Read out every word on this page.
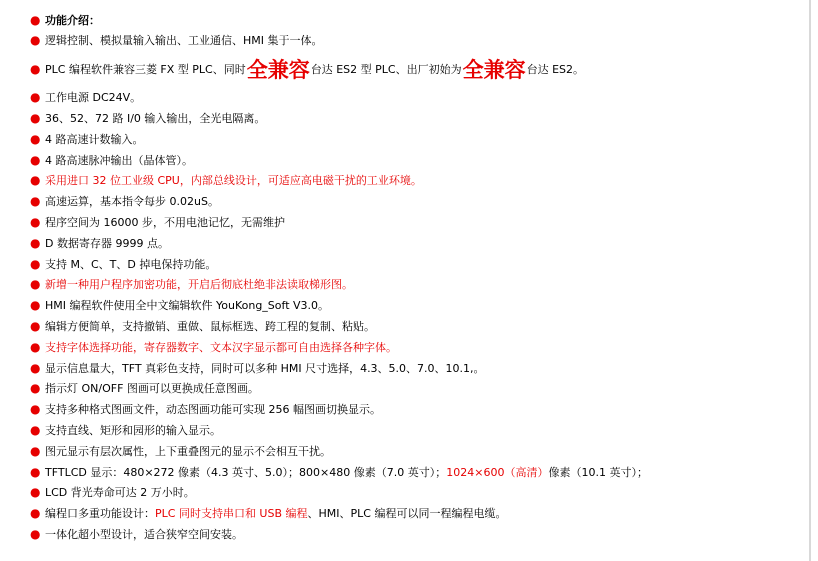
● 功能介绍：
● 逻辑控制、模拟量输入输出、工业通信、HMI 集于一体。
● PLC 编程软件兼容三菱 FX 型 PLC、同时 全兼容 台达 ES2 型 PLC、出厂初始为 全兼容 台达 ES2。
● 工作电源 DC24V。
● 36、52、72 路 I/0 输入输出，全光电隔离。
● 4 路高速计数输入。
● 4 路高速脉冲输出（晶体管）。
● 采用进口 32 位工业级 CPU，内部总线设计，可适应高电磁干扰的工业环境。
● 高速运算，基本指令每步 0.02uS。
● 程序空间为 16000 步，不用电池记忆，无需维护
● D 数据寄存器 9999 点。
● 支持 M、C、T、D 掉电保持功能。
● 新增一种用户程序加密功能，开启后彻底杜绝非法读取梯形图。
● HMI 编程软件使用全中文编辑软件 YouKong_Soft V3.0。
● 编辑方便简单，支持撤销、重做、鼠标框选、跨工程的复制、粘贴。
● 支持字体选择功能，寄存器数字、文本汉字显示都可自由选择各种字体。
● 显示信息量大，TFT 真彩色支持，同时可以多种 HMI 尺寸选择，4.3、5.0、7.0、10.1,。
● 指示灯 ON/OFF 图画可以更换成任意图画。
● 支持多种格式图画文件，动态图画功能可实现 256 幅图画切换显示。
● 支持直线、矩形和园形的输入显示。
● 图元显示有层次属性，上下重叠图元的显示不会相互干扰。
● TFTLCD 显示：480×272 像素（4.3 英寸、5.0）；800×480 像素（7.0 英寸）； 1024×600（高清） 像素（10.1 英寸）；
● LCD 背光寿命可达 2 万小时。
● 编程口多重功能设计： PLC 同时支持串口和 USB 编程 、HMI、PLC 编程可以同一程编程电缆。
● 一体化超小型设计，适合狭窄空间安装。
